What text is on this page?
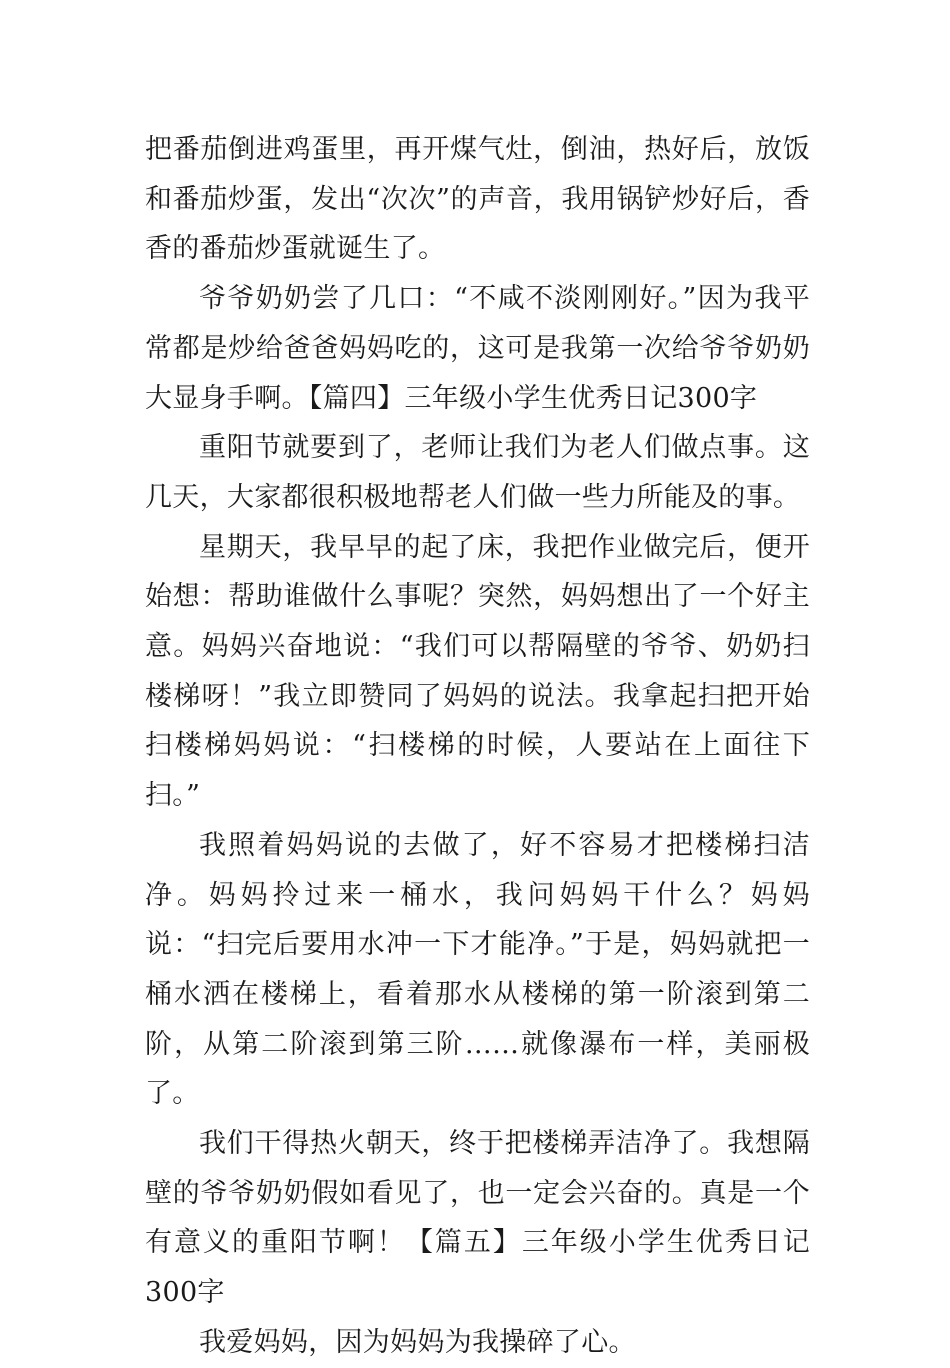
把番茄倒进鸡蛋里，再开煤气灶，倒油，热好后，放饭和番茄炒蛋，发出“次次”的声音，我用锅铲炒好后，香香的番茄炒蛋就诞生了。

爷爷奶奶尝了几口：“不咸不淡刚刚好。”因为我平常都是炒给爸爸妈妈吃的，这可是我第一次给爷爷奶奶大显身手啊。【篇四】三年级小学生优秀日记300字

重阳节就要到了，老师让我们为老人们做点事。这几天，大家都很积极地帮老人们做一些力所能及的事。

星期天，我早早的起了床，我把作业做完后，便开始想：帮助谁做什么事呢？突然，妈妈想出了一个好主意。妈妈兴奋地说：“我们可以帮隔壁的爷爷、奶奶扫楼梯呀！”我立即赞同了妈妈的说法。我拿起扫把开始扫楼梯妈妈说：“扫楼梯的时候，人要站在上面往下扫。”

我照着妈妈说的去做了，好不容易才把楼梯扫洁净。妈妈拎过来一桶水，我问妈妈干什么？妈妈说：“扫完后要用水冲一下才能净。”于是，妈妈就把一桶水洒在楼梯上，看着那水从楼梯的第一阶滚到第二阶，从第二阶滚到第三阶……就像瀑布一样，美丽极了。

我们干得热火朝天，终于把楼梯弄洁净了。我想隔壁的爷爷奶奶假如看见了，也一定会兴奋的。真是一个有意义的重阳节啊！【篇五】三年级小学生优秀日记300字

我爱妈妈，因为妈妈为我操碎了心。
